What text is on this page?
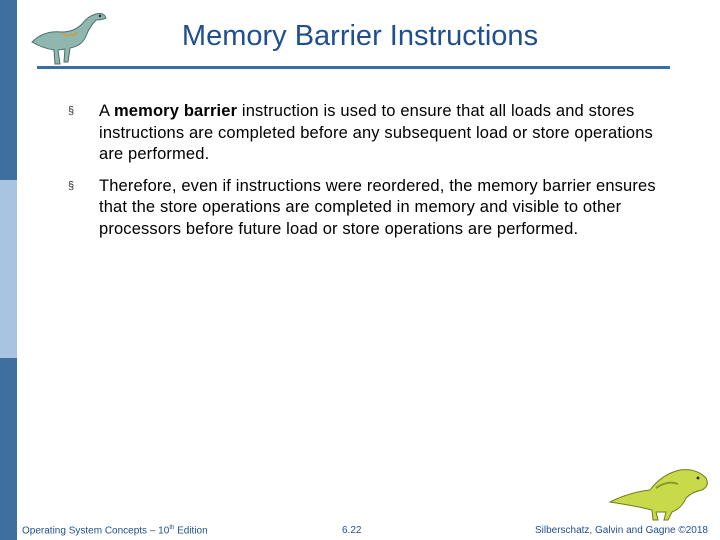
Memory Barrier Instructions

§ A memory barrier instruction is used to ensure that all loads and stores instructions are completed before any subsequent load or store operations are performed.

§ Therefore, even if instructions were reordered, the memory barrier ensures that the store operations are completed in memory and visible to other processors before future load or store operations are performed.

Operating System Concepts – 10th Edition	6.22	Silberschatz, Galvin and Gagne ©2018
